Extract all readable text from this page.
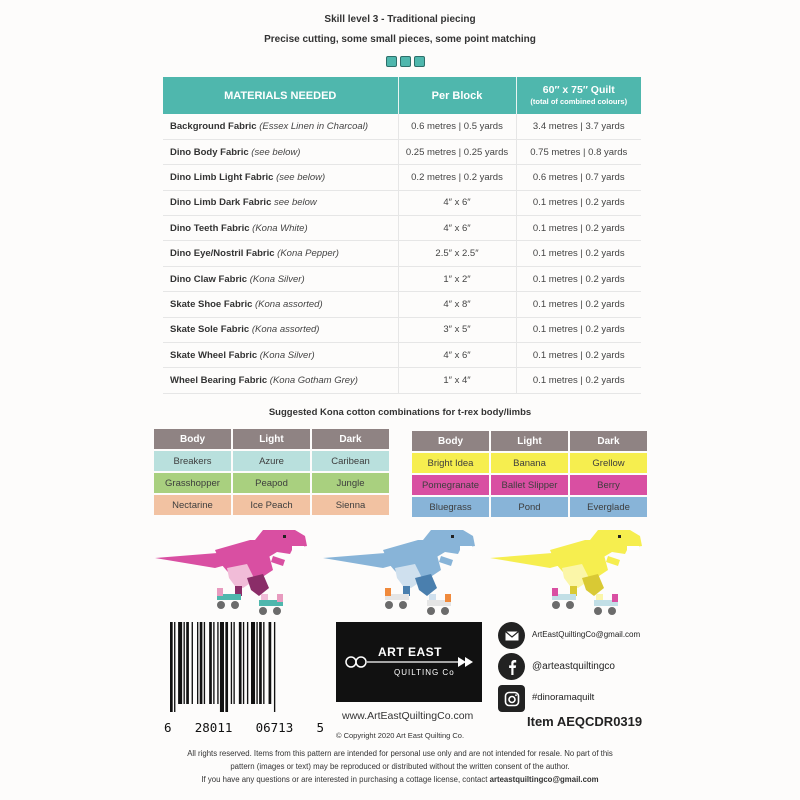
Skill level 3 - Traditional piecing
Precise cutting, some small pieces, some point matching
MATERIALS NEEDED	Per Block	60″ x 75″ Quilt
(total of combined colours)

Background Fabric (Essex Linen in Charcoal)	0.6 metres | 0.5 yards	3.4 metres | 3.7 yards
Dino Body Fabric (see below)	0.25 metres | 0.25 yards	0.75 metres | 0.8 yards
Dino Limb Light Fabric (see below)	0.2 metres | 0.2 yards	0.6 metres | 0.7 yards
Dino Limb Dark Fabric see below	4″ x 6″	0.1 metres | 0.2 yards
Dino Teeth Fabric (Kona White)	4″ x 6″	0.1 metres | 0.2 yards
Dino Eye/Nostril Fabric (Kona Pepper)	2.5″ x 2.5″	0.1 metres | 0.2 yards
Dino Claw Fabric (Kona Silver)	1″ x 2″	0.1 metres | 0.2 yards
Skate Shoe Fabric (Kona assorted)	4″ x 8″	0.1 metres | 0.2 yards
Skate Sole Fabric (Kona assorted)	3″ x 5″	0.1 metres | 0.2 yards
Skate Wheel Fabric (Kona Silver)	4″ x 6″	0.1 metres | 0.2 yards
Wheel Bearing Fabric (Kona Gotham Grey)	1″ x 4″	0.1 metres | 0.2 yards
Suggested Kona cotton combinations for t-rex body/limbs
Body	Light	Dark
Breakers	Azure	Caribean
Grasshopper	Peapod	Jungle
Nectarine	Ice Peach	Sienna
Body	Light	Dark
Bright Idea	Banana	Grellow
Pomegranate	Ballet Slipper	Berry
Bluegrass	Pond	Everglade
6 28011 06713 5
ART EAST
QUILTING Co
www.ArtEastQuiltingCo.com
ArtEastQuiltingCo@gmail.com
@arteastquiltingco
#dinoramaquilt
Item AEQCDR0319
© Copyright 2020 Art East Quilting Co.
All rights reserved. Items from this pattern are intended for personal use only and are not intended for resale. No part of this
pattern (images or text) may be reproduced or distributed without the written consent of the author.
If you have any questions or are interested in purchasing a cottage license, contact arteastquiltingco@gmail.com
